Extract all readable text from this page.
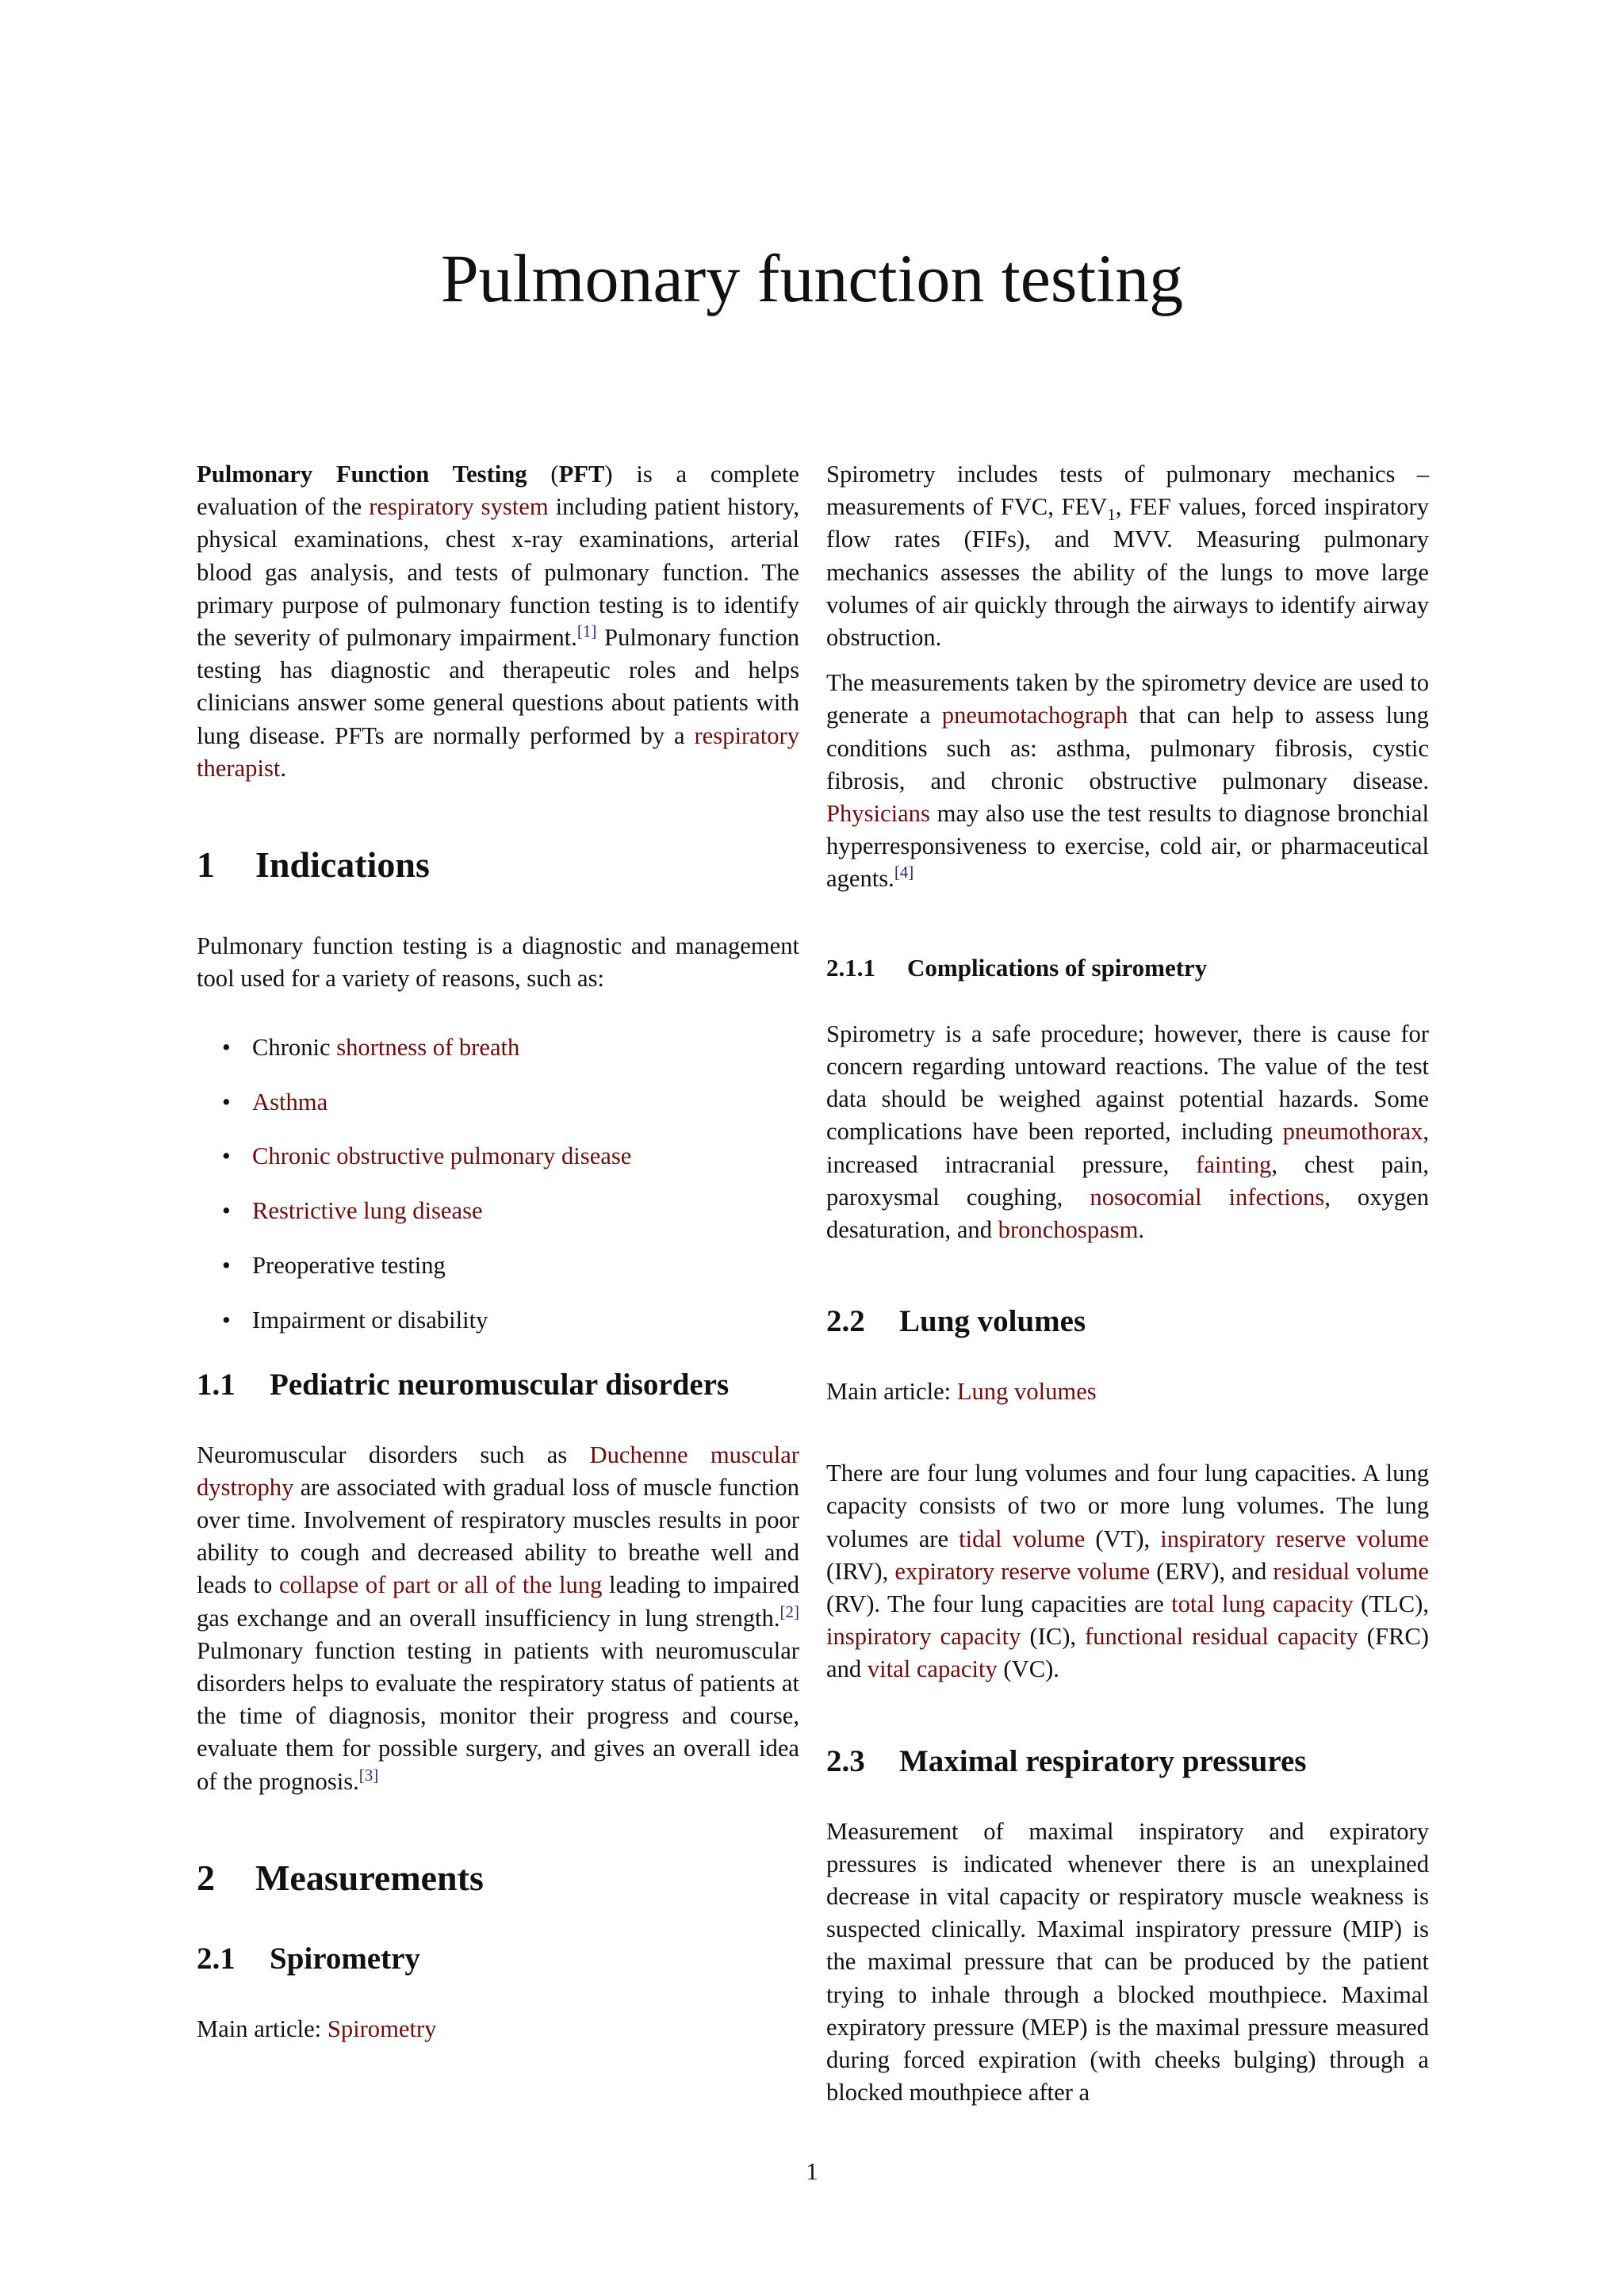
Pulmonary function testing

Pulmonary Function Testing (PFT) is a complete evaluation of the respiratory system including patient history, physical examinations, chest x-ray examinations, arterial blood gas analysis, and tests of pulmonary function. The primary purpose of pulmonary function testing is to identify the severity of pulmonary impairment.[1] Pulmonary function testing has diagnostic and therapeutic roles and helps clinicians answer some general questions about patients with lung disease. PFTs are normally performed by a respiratory therapist.

1 Indications

Pulmonary function testing is a diagnostic and management tool used for a variety of reasons, such as:

• Chronic shortness of breath
• Asthma
• Chronic obstructive pulmonary disease
• Restrictive lung disease
• Preoperative testing
• Impairment or disability
1.1 Pediatric neuromuscular disorders

Neuromuscular disorders such as Duchenne muscular dystrophy are associated with gradual loss of muscle function over time. Involvement of respiratory muscles results in poor ability to cough and decreased ability to breathe well and leads to collapse of part or all of the lung leading to impaired gas exchange and an overall insufficiency in lung strength.[2] Pulmonary function testing in patients with neuromuscular disorders helps to evaluate the respiratory status of patients at the time of diagnosis, monitor their progress and course, evaluate them for possible surgery, and gives an overall idea of the prognosis.[3]

2 Measurements
2.1 Spirometry

Main article: Spirometry

Spirometry includes tests of pulmonary mechanics – measurements of FVC, $FEV_1$, FEF values, forced inspiratory flow rates (FIFs), and MVV. Measuring pulmonary mechanics assesses the ability of the lungs to move large volumes of air quickly through the airways to identify airway obstruction.

The measurements taken by the spirometry device are used to generate a pneumotachograph that can help to assess lung conditions such as: asthma, pulmonary fibrosis, cystic fibrosis, and chronic obstructive pulmonary disease. Physicians may also use the test results to diagnose bronchial hyperresponsiveness to exercise, cold air, or pharmaceutical agents.[4]

2.1.1 Complications of spirometry

Spirometry is a safe procedure; however, there is cause for concern regarding untoward reactions. The value of the test data should be weighed against potential hazards. Some complications have been reported, including pneumothorax, increased intracranial pressure, fainting, chest pain, paroxysmal coughing, nosocomial infections, oxygen desaturation, and bronchospasm.

2.2 Lung volumes

Main article: Lung volumes

There are four lung volumes and four lung capacities. A lung capacity consists of two or more lung volumes. The lung volumes are tidal volume (VT), inspiratory reserve volume (IRV), expiratory reserve volume (ERV), and residual volume (RV). The four lung capacities are total lung capacity (TLC), inspiratory capacity (IC), functional residual capacity (FRC) and vital capacity (VC).

2.3 Maximal respiratory pressures

Measurement of maximal inspiratory and expiratory pressures is indicated whenever there is an unexplained decrease in vital capacity or respiratory muscle weakness is suspected clinically. Maximal inspiratory pressure (MIP) is the maximal pressure that can be produced by the patient trying to inhale through a blocked mouthpiece. Maximal expiratory pressure (MEP) is the maximal pressure measured during forced expiration (with cheeks bulging) through a blocked mouthpiece after a

1
